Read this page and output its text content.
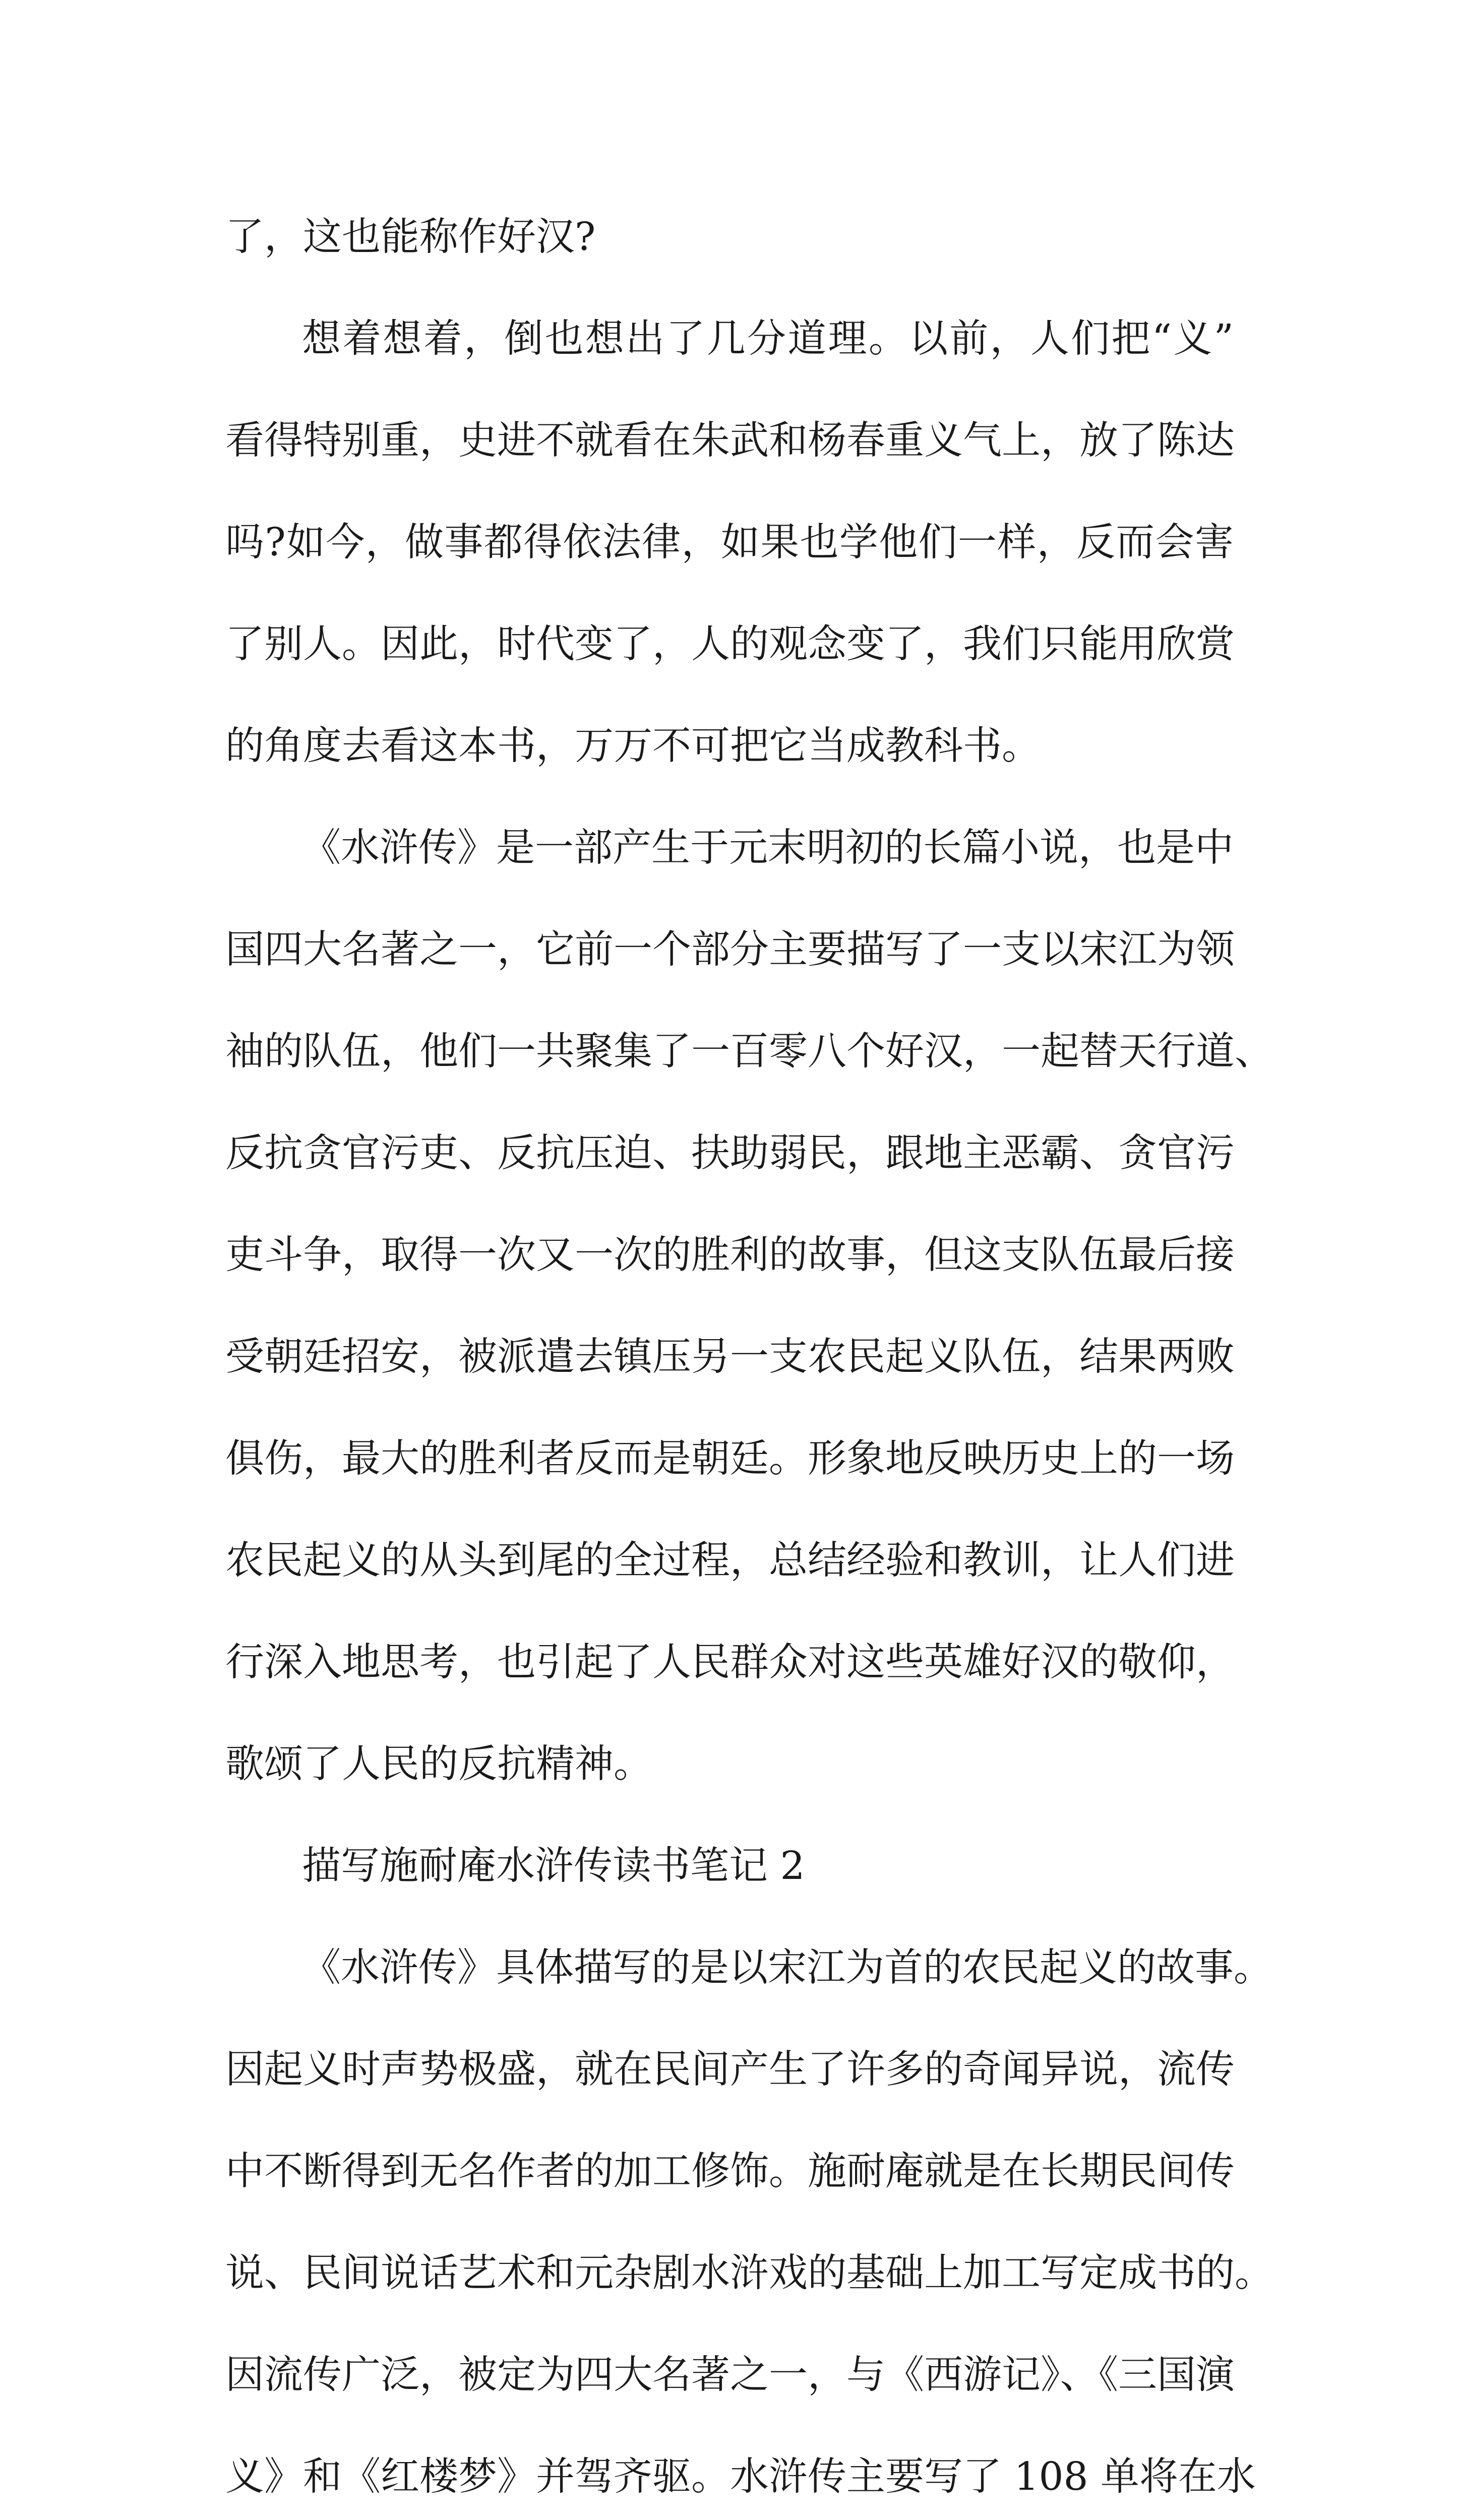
了，这也能称作好汉?
想着想着，倒也想出了几分道理。以前，人们把“义”
看得特别重，史进不就看在朱武和杨春重义气上，放了陈达
吗?如今，做事都得依法律，如果也学他们一样，反而会害
了别人。因此，时代变了，人的观念变了，我们只能用欣赏
的角度去看这本书，万万不可把它当成教科书。
《水浒传》是一部产生于元末明初的长篇小说，也是中
国四大名著之一，它前一个部分主要描写了一支以宋江为领
袖的队伍，他们一共聚集了一百零八个好汉，一起替天行道、
反抗贪官污吏、反抗压迫、扶助弱民，跟地主恶霸、贪官污
吏斗争，取得一次又一次的胜利的故事，但这支队伍最后接
受朝廷招安，被派遣去镇压另一支农民起义队伍，结果两败
俱伤，最大的胜利者反而是朝廷。形象地反映历史上的一场
农民起义的从头到尾的全过程，总结经验和教训，让人们进
行深入地思考，也引起了人民群众对这些英雄好汉的敬仰，
歌颂了人民的反抗精神。
描写施耐庵水浒传读书笔记 2
《水浒传》具体描写的是以宋江为首的农民起义的故事。
因起义时声势极盛，就在民间产生了许多的奇闻异说，流传
中不断得到无名作者的加工修饰。施耐庵就是在长期民间传
说、民间说话艺术和元杂剧水浒戏的基础上加工写定成书的。
因流传广泛，被定为四大名著之一，与《西游记》、《三国演
义》和《红楼梦》并驾齐驱。水浒传主要写了 108 单将在水
